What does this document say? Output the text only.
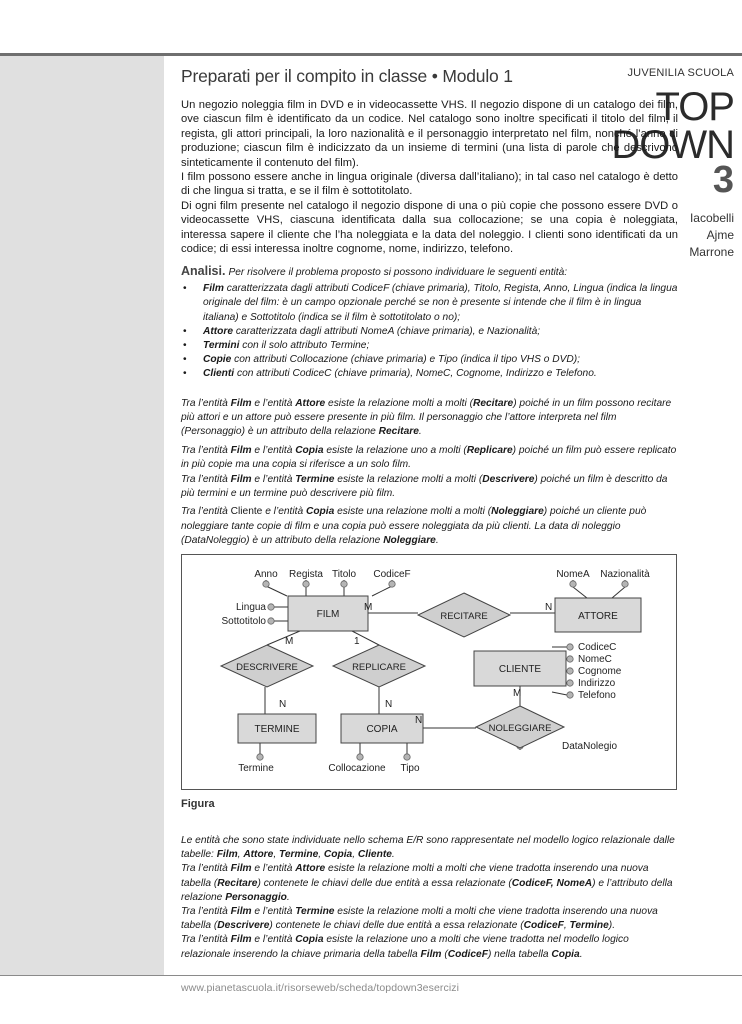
JUVENILIA SCUOLA
TOP
DOWN
3
Iacobelli
Ajme
Marrone
Preparati per il compito in classe • Modulo 1

Un negozio noleggia film in DVD e in videocassette VHS. Il negozio dispone di un catalogo dei film, ove ciascun film è identificato da un codice. Nel catalogo sono inoltre specificati il titolo del film, il regista, gli attori principali, la loro nazionalità e il personaggio interpretato nel film, nonché l’anno di produzione; ciascun film è indicizzato da un insieme di termini (una lista di parole che descrivono sinteticamente il contenuto del film).

I film possono essere anche in lingua originale (diversa dall’italiano); in tal caso nel catalogo è detto di che lingua si tratta, e se il film è sottotitolato.

Di ogni film presente nel catalogo il negozio dispone di una o più copie che possono essere DVD o videocassette VHS, ciascuna identificata dalla sua collocazione; se una copia è noleggiata, interessa sapere il cliente che l’ha noleggiata e la data del noleggio. I clienti sono identificati da un codice; di essi interessa inoltre cognome, nome, indirizzo, telefono.

Analisi. Per risolvere il problema proposto si possono individuare le seguenti entità:
• Film caratterizzata dagli attributi CodiceF (chiave primaria), Titolo, Regista, Anno, Lingua (indica la lingua originale del film: è un campo opzionale perché se non è presente si intende che il film è in lingua italiana) e Sottotitolo (indica se il film è sottotitolato o no);
• Attore caratterizzata dagli attributi NomeA (chiave primaria), e Nazionalità;
• Termini con il solo attributo Termine;
• Copie con attributi Collocazione (chiave primaria) e Tipo (indica il tipo VHS o DVD);
• Clienti con attributi CodiceC (chiave primaria), NomeC, Cognome, Indirizzo e Telefono.

Tra l’entità Film e l’entità Attore esiste la relazione molti a molti (Recitare) poiché in un film possono recitare più attori e un attore può essere presente in più film. Il personaggio che l’attore interpreta nel film (Personaggio) è un attributo della relazione Recitare.

Tra l’entità Film e l’entità Copia esiste la relazione uno a molti (Replicare) poiché un film può essere replicato in più copie ma una copia si riferisce a un solo film.

Tra l’entità Film e l’entità Termine esiste la relazione molti a molti (Descrivere) poiché un film è descritto da più termini e un termine può descrivere più film.

Tra l’entità Cliente e l’entità Copia esiste una relazione molti a molti (Noleggiare) poiché un cliente può noleggiare tante copie di film e una copia può essere noleggiata da più clienti. La data di noleggio (DataNoleggio) è un attributo della relazione Noleggiare.

FILM	ATTORE
CLIENTE
TERMINE	COPIA
RECITARE
DESCRIVERE	REPLICARE
NOLEGGIARE
Anno Regista Titolo CodiceF
Lingua
Sottotitolo
NomeA Nazionalità
CodiceC
NomeC
Cognome
Indirizzo
Telefono
Termine	Collocazione Tipo
DataNolegio
M	N
M	1
N	N
N
M
Figura

Le entità che sono state individuate nello schema E/R sono rappresentate nel modello logico relazionale dalle tabelle: Film, Attore, Termine, Copia, Cliente.

Tra l’entità Film e l’entità Attore esiste la relazione molti a molti che viene tradotta inserendo una nuova tabella (Recitare) contenete le chiavi delle due entità a essa relazionate (CodiceF, NomeA) e l’attributo della relazione Personaggio.

Tra l’entità Film e l’entità Termine esiste la relazione molti a molti che viene tradotta inserendo una nuova tabella (Descrivere) contenete le chiavi delle due entità a essa relazionate (CodiceF, Termine).

Tra l’entità Film e l’entità Copia esiste la relazione uno a molti che viene tradotta nel modello logico relazionale inserendo la chiave primaria della tabella Film (CodiceF) nella tabella Copia.

www.pianetascuola.it/risorseweb/scheda/topdown3esercizi
